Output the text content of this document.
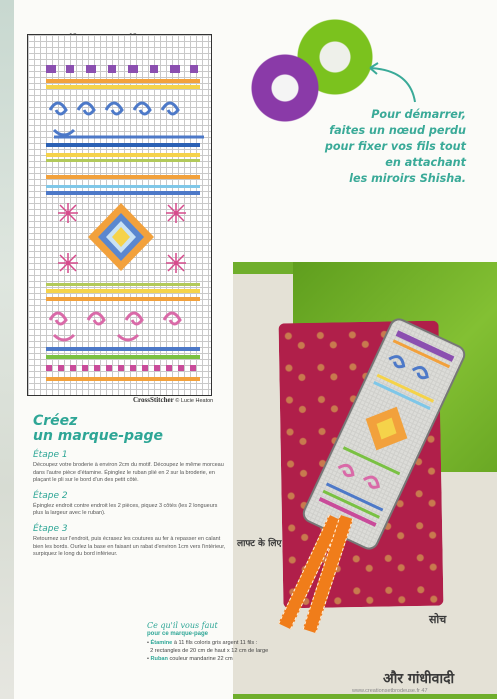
CrossStitcher © Lucie Heaton
Pour démarrer,
faites un nœud perdu
pour fixer vos fils tout
en attachant
les miroirs Shisha.
और गांधीवादी
सोच
लाफ्ट के लिए

Créez

un marque-page

Étape 1

Découpez votre broderie à environ 2cm du motif. Découpez le même morceau dans l'autre pièce d'étamine. Épinglez le ruban plié en 2 sur la broderie, en plaçant le pli sur le bord d'un des petit côté.

Étape 2

Épinglez endroit contre endroit les 2 pièces, piquez 3 côtés (les 2 longueurs plus la largeur avec le ruban).

Étape 3

Retournez sur l'endroit, puis écrasez les coutures au fer à repasser en calant bien les bords. Ourlez la base en faisant un rabat d'environ 1cm vers l'intérieur, surpiquez le long du bord inférieur.

Ce qu'il vous faut
pour ce marque-page
• Étamine à 11 fils coloris gris argent 11 fils :
2 rectangles de 20 cm de haut x 12 cm de large
• Ruban couleur mandarine 22 cm
www.creationsetbrodeuse.fr 47
